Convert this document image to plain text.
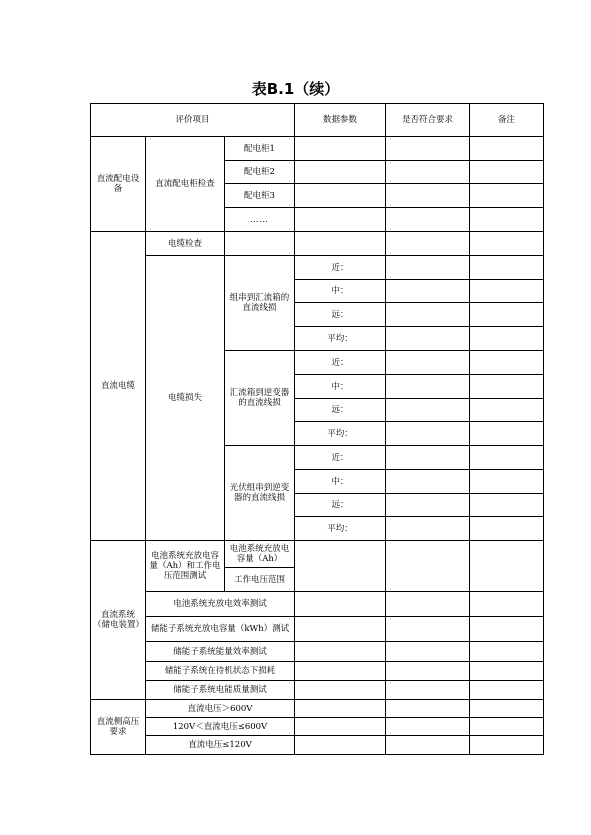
表B.1（续）
评价项目			数据参数	是否符合要求	备注
直流配电设备	直流配电柜检查	配电柜1			
		配电柜2			
		配电柜3			
		……			
直流电缆	电缆检查				
	电缆损失	组串到汇流箱的直流线损	近：		
			中：		
			远：		
			平均：		
		汇流箱到逆变器的直流线损	近：		
			中：		
			远：		
			平均：		
		光伏组串到逆变器的直流线损	近：		
			中：		
			远：		
			平均：		
直流系统（储电装置）	电池系统充放电容量（Ah）和工作电压范围测试	电池系统充放电容量（Ah）			
		工作电压范围			
	电池系统充放电效率测试				
	储能子系统充放电容量（kWh）测试				
	储能子系统能量效率测试				
	储能子系统在待机状态下损耗				
	储能子系统电能质量测试				
直流侧高压要求	直流电压＞600V				
	120V＜直流电压≤600V				
	直流电压≤120V				
